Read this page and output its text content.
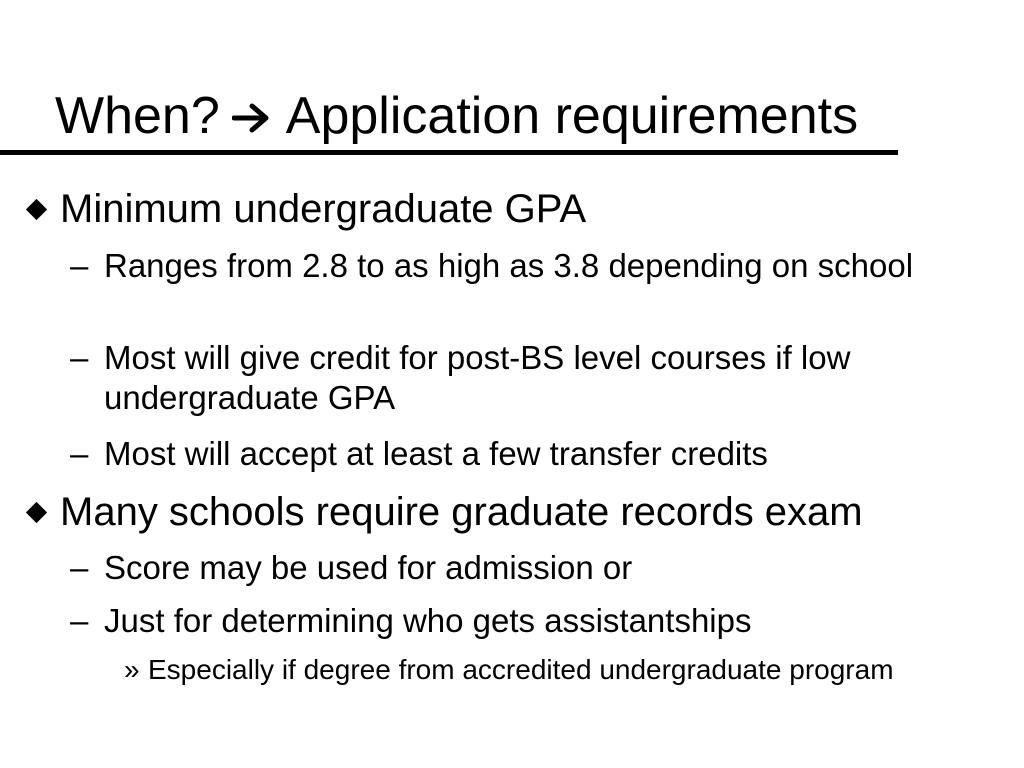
When? Application requirements
Minimum undergraduate GPA
– Ranges from 2.8 to as high as 3.8 depending on school
– Most will give credit for post-BS level courses if low undergraduate GPA
– Most will accept at least a few transfer credits
Many schools require graduate records exam
– Score may be used for admission or
– Just for determining who gets assistantships
» Especially if degree from accredited undergraduate program
